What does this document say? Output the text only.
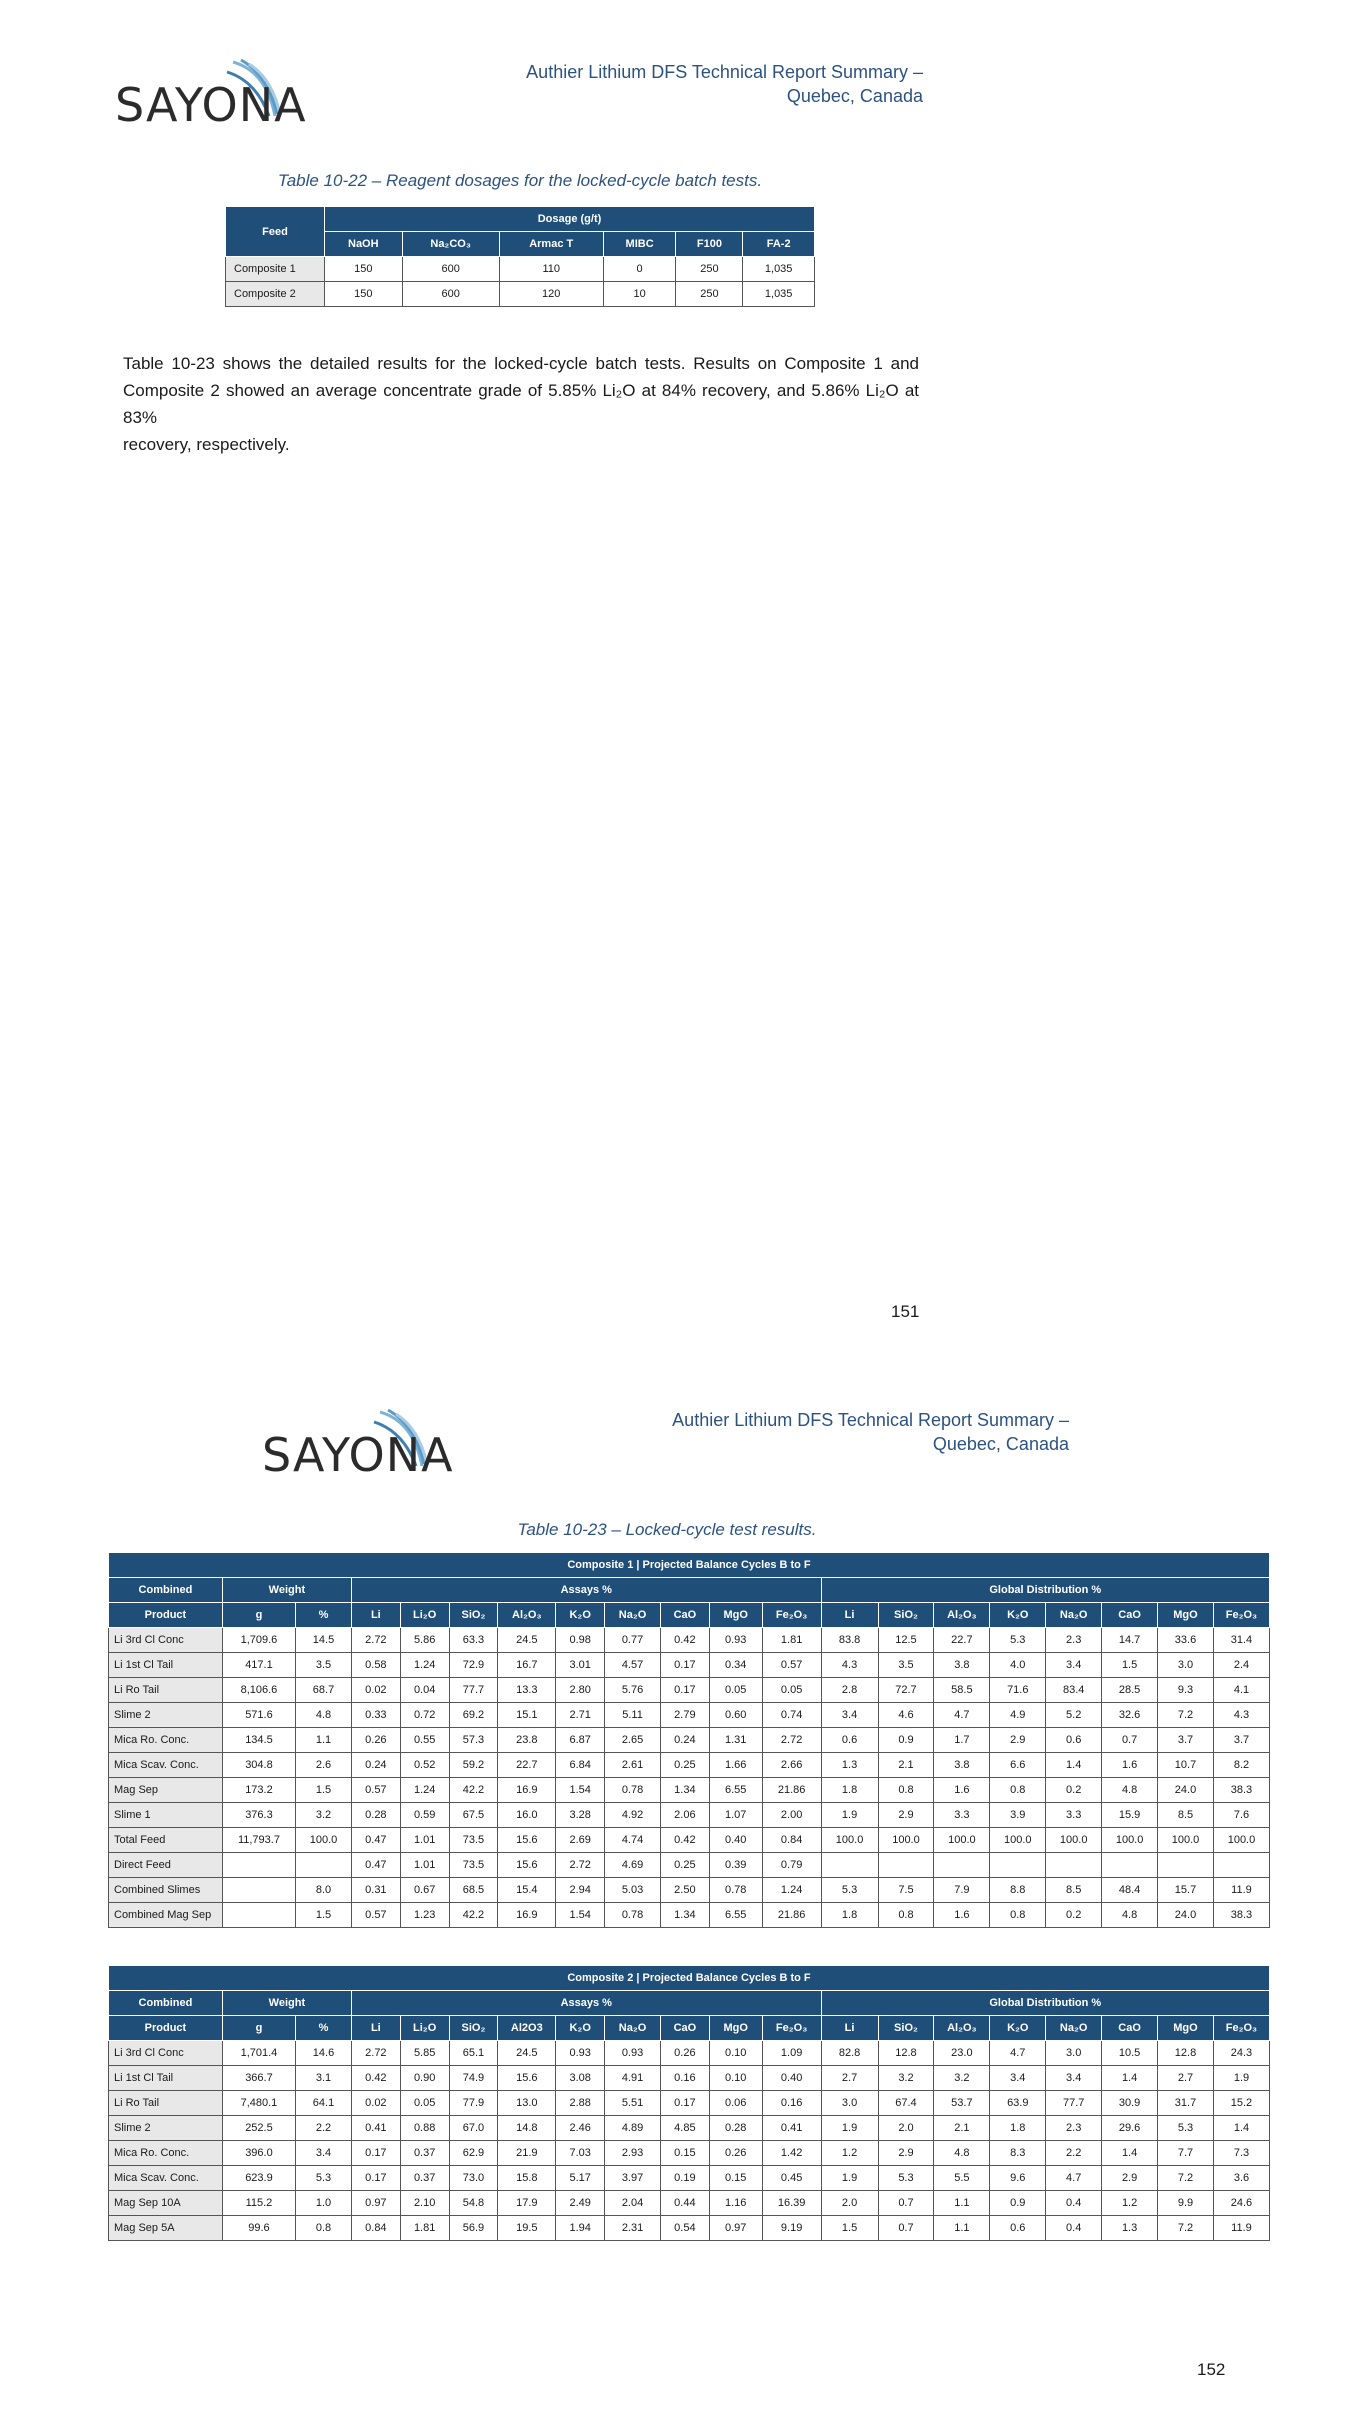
SAYONA
Authier Lithium DFS Technical Report Summary –
Quebec, Canada
Table 10-22 – Reagent dosages for the locked-cycle batch tests.
Feed	Dosage (g/t)					
	NaOH	Na₂CO₃	Armac T	MIBC	F100	FA-2
Composite 1	150	600	110	0	250	1,035
Composite 2	150	600	120	10	250	1,035
Table 10-23 shows the detailed results for the locked-cycle batch tests. Results on Composite 1 and
Composite 2 showed an average concentrate grade of 5.85% Li₂O at 84% recovery, and 5.86% Li₂O at 83%
recovery, respectively.
151
SAYONA
Authier Lithium DFS Technical Report Summary –
Quebec, Canada
Table 10-23 – Locked-cycle test results.
Composite 1 | Projected Balance Cycles B to F																			
Combined	Weight		Assays %									Global Distribution %							
Product	g	%	Li	Li₂O	SiO₂	Al₂O₃	K₂O	Na₂O	CaO	MgO	Fe₂O₃	Li	SiO₂	Al₂O₃	K₂O	Na₂O	CaO	MgO	Fe₂O₃
Li 3rd Cl Conc	1,709.6	14.5	2.72	5.86	63.3	24.5	0.98	0.77	0.42	0.93	1.81	83.8	12.5	22.7	5.3	2.3	14.7	33.6	31.4
Li 1st Cl Tail	417.1	3.5	0.58	1.24	72.9	16.7	3.01	4.57	0.17	0.34	0.57	4.3	3.5	3.8	4.0	3.4	1.5	3.0	2.4
Li Ro Tail	8,106.6	68.7	0.02	0.04	77.7	13.3	2.80	5.76	0.17	0.05	0.05	2.8	72.7	58.5	71.6	83.4	28.5	9.3	4.1
Slime 2	571.6	4.8	0.33	0.72	69.2	15.1	2.71	5.11	2.79	0.60	0.74	3.4	4.6	4.7	4.9	5.2	32.6	7.2	4.3
Mica Ro. Conc.	134.5	1.1	0.26	0.55	57.3	23.8	6.87	2.65	0.24	1.31	2.72	0.6	0.9	1.7	2.9	0.6	0.7	3.7	3.7
Mica Scav. Conc.	304.8	2.6	0.24	0.52	59.2	22.7	6.84	2.61	0.25	1.66	2.66	1.3	2.1	3.8	6.6	1.4	1.6	10.7	8.2
Mag Sep	173.2	1.5	0.57	1.24	42.2	16.9	1.54	0.78	1.34	6.55	21.86	1.8	0.8	1.6	0.8	0.2	4.8	24.0	38.3
Slime 1	376.3	3.2	0.28	0.59	67.5	16.0	3.28	4.92	2.06	1.07	2.00	1.9	2.9	3.3	3.9	3.3	15.9	8.5	7.6
Total Feed	11,793.7	100.0	0.47	1.01	73.5	15.6	2.69	4.74	0.42	0.40	0.84	100.0	100.0	100.0	100.0	100.0	100.0	100.0	100.0
Direct Feed			0.47	1.01	73.5	15.6	2.72	4.69	0.25	0.39	0.79								
Combined Slimes		8.0	0.31	0.67	68.5	15.4	2.94	5.03	2.50	0.78	1.24	5.3	7.5	7.9	8.8	8.5	48.4	15.7	11.9
Combined Mag Sep		1.5	0.57	1.23	42.2	16.9	1.54	0.78	1.34	6.55	21.86	1.8	0.8	1.6	0.8	0.2	4.8	24.0	38.3
Composite 2 | Projected Balance Cycles B to F																			
Combined	Weight		Assays %									Global Distribution %							
Product	g	%	Li	Li₂O	SiO₂	Al2O3	K₂O	Na₂O	CaO	MgO	Fe₂O₃	Li	SiO₂	Al₂O₃	K₂O	Na₂O	CaO	MgO	Fe₂O₃
Li 3rd Cl Conc	1,701.4	14.6	2.72	5.85	65.1	24.5	0.93	0.93	0.26	0.10	1.09	82.8	12.8	23.0	4.7	3.0	10.5	12.8	24.3
Li 1st Cl Tail	366.7	3.1	0.42	0.90	74.9	15.6	3.08	4.91	0.16	0.10	0.40	2.7	3.2	3.2	3.4	3.4	1.4	2.7	1.9
Li Ro Tail	7,480.1	64.1	0.02	0.05	77.9	13.0	2.88	5.51	0.17	0.06	0.16	3.0	67.4	53.7	63.9	77.7	30.9	31.7	15.2
Slime 2	252.5	2.2	0.41	0.88	67.0	14.8	2.46	4.89	4.85	0.28	0.41	1.9	2.0	2.1	1.8	2.3	29.6	5.3	1.4
Mica Ro. Conc.	396.0	3.4	0.17	0.37	62.9	21.9	7.03	2.93	0.15	0.26	1.42	1.2	2.9	4.8	8.3	2.2	1.4	7.7	7.3
Mica Scav. Conc.	623.9	5.3	0.17	0.37	73.0	15.8	5.17	3.97	0.19	0.15	0.45	1.9	5.3	5.5	9.6	4.7	2.9	7.2	3.6
Mag Sep 10A	115.2	1.0	0.97	2.10	54.8	17.9	2.49	2.04	0.44	1.16	16.39	2.0	0.7	1.1	0.9	0.4	1.2	9.9	24.6
Mag Sep 5A	99.6	0.8	0.84	1.81	56.9	19.5	1.94	2.31	0.54	0.97	9.19	1.5	0.7	1.1	0.6	0.4	1.3	7.2	11.9
152
